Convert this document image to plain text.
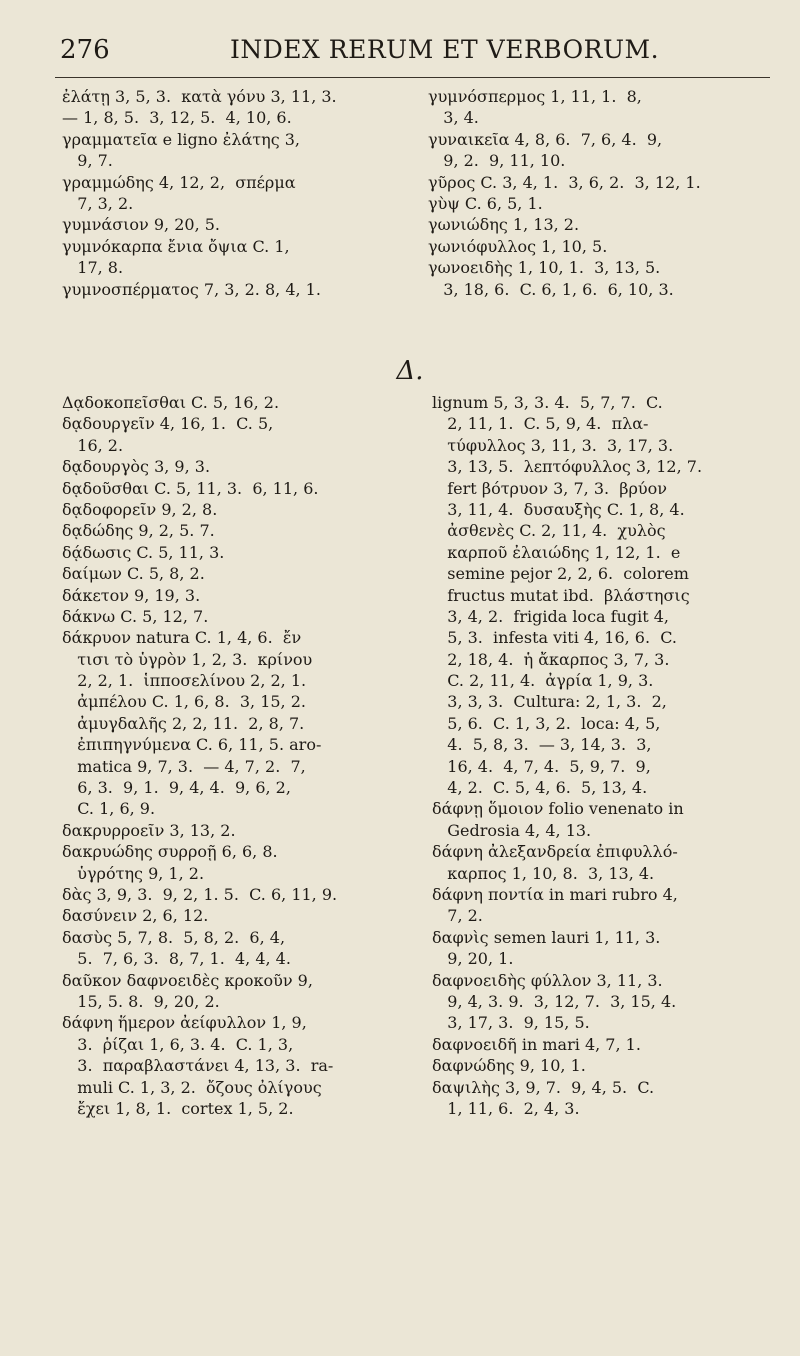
276	INDEX RERUM ET VERBORUM.
ἐλάτῃ 3, 5, 3.  κατὰ γόνυ 3, 11, 3.
— 1, 8, 5.  3, 12, 5.  4, 10, 6.
γραμματεῖα e ligno ἐλάτης 3,
9, 7.
γραμμώδης 4, 12, 2,  σπέρμα
7, 3, 2.
γυμνάσιον 9, 20, 5.
γυμνόκαρπα ἔνια ὄψια C. 1,
17, 8.
γυμνοσπέρματος 7, 3, 2. 8, 4, 1.
γυμνόσπερμος 1, 11, 1.  8,
3, 4.
γυναικεῖα 4, 8, 6.  7, 6, 4.  9,
9, 2.  9, 11, 10.
γῦρος C. 3, 4, 1.  3, 6, 2.  3, 12, 1.
γὺψ C. 6, 5, 1.
γωνιώδης 1, 13, 2.
γωνιόφυλλος 1, 10, 5.
γωνοειδὴς 1, 10, 1.  3, 13, 5.
3, 18, 6.  C. 6, 1, 6.  6, 10, 3.
Δ.
Δᾳδοκοπεῖσθαι C. 5, 16, 2.
δᾳδουργεῖν 4, 16, 1.  C. 5,
16, 2.
δᾳδουργὸς 3, 9, 3.
δᾳδοῦσθαι C. 5, 11, 3.  6, 11, 6.
δᾳδοφορεῖν 9, 2, 8.
δᾳδώδης 9, 2, 5. 7.
δᾴδωσις C. 5, 11, 3.
δαίμων C. 5, 8, 2.
δάκετον 9, 19, 3.
δάκνω C. 5, 12, 7.
δάκρυον natura C. 1, 4, 6.  ἔν
τισι τὸ ὑγρὸν 1, 2, 3.  κρίνου
2, 2, 1.  ἱπποσελίνου 2, 2, 1.
ἀμπέλου C. 1, 6, 8.  3, 15, 2.
ἀμυγδαλῆς 2, 2, 11.  2, 8, 7.
ἐπιπηγνύμενα C. 6, 11, 5. aro-
matica 9, 7, 3.  — 4, 7, 2.  7,
6, 3.  9, 1.  9, 4, 4.  9, 6, 2,
C. 1, 6, 9.
δακρυρροεῖν 3, 13, 2.
δακρυώδης συρροῇ 6, 6, 8.
ὑγρότης 9, 1, 2.
δὰς 3, 9, 3.  9, 2, 1. 5.  C. 6, 11, 9.
δασύνειν 2, 6, 12.
δασὺς 5, 7, 8.  5, 8, 2.  6, 4,
5.  7, 6, 3.  8, 7, 1.  4, 4, 4.
δαῦκον δαφνοειδὲς κροκοῦν 9,
15, 5. 8.  9, 20, 2.
δάφνη ἥμερον ἀείφυλλον 1, 9,
3.  ῥίζαι 1, 6, 3. 4.  C. 1, 3,
3.  παραβλαστάνει 4, 13, 3.  ra-
muli C. 1, 3, 2.  ὄζους ὀλίγους
ἔχει 1, 8, 1.  cortex 1, 5, 2.
lignum 5, 3, 3. 4.  5, 7, 7.  C.
2, 11, 1.  C. 5, 9, 4.  πλα-
τύφυλλος 3, 11, 3.  3, 17, 3.
3, 13, 5.  λεπτόφυλλος 3, 12, 7.
fert βότρυον 3, 7, 3.  βρύον
3, 11, 4.  δυσαυξὴς C. 1, 8, 4.
ἀσθενὲς C. 2, 11, 4.  χυλὸς
καρποῦ ἐλαιώδης 1, 12, 1.  e
semine pejor 2, 2, 6.  colorem
fructus mutat ibd.  βλάστησις
3, 4, 2.  frigida loca fugit 4,
5, 3.  infesta viti 4, 16, 6.  C.
2, 18, 4.  ἡ ἄκαρπος 3, 7, 3.
C. 2, 11, 4.  ἀγρία 1, 9, 3.
3, 3, 3.  Cultura: 2, 1, 3.  2,
5, 6.  C. 1, 3, 2.  loca: 4, 5,
4.  5, 8, 3.  — 3, 14, 3.  3,
16, 4.  4, 7, 4.  5, 9, 7.  9,
4, 2.  C. 5, 4, 6.  5, 13, 4.
δάφνῃ ὅμοιον folio venenato in
Gedrosia 4, 4, 13.
δάφνη ἀλεξανδρεία ἐπιφυλλό-
καρπος 1, 10, 8.  3, 13, 4.
δάφνη ποντία in mari rubro 4,
7, 2.
δαφνὶς semen lauri 1, 11, 3.
9, 20, 1.
δαφνοειδὴς φύλλον 3, 11, 3.
9, 4, 3. 9.  3, 12, 7.  3, 15, 4.
3, 17, 3.  9, 15, 5.
δαφνοειδῆ in mari 4, 7, 1.
δαφνώδης 9, 10, 1.
δαψιλὴς 3, 9, 7.  9, 4, 5.  C.
1, 11, 6.  2, 4, 3.
